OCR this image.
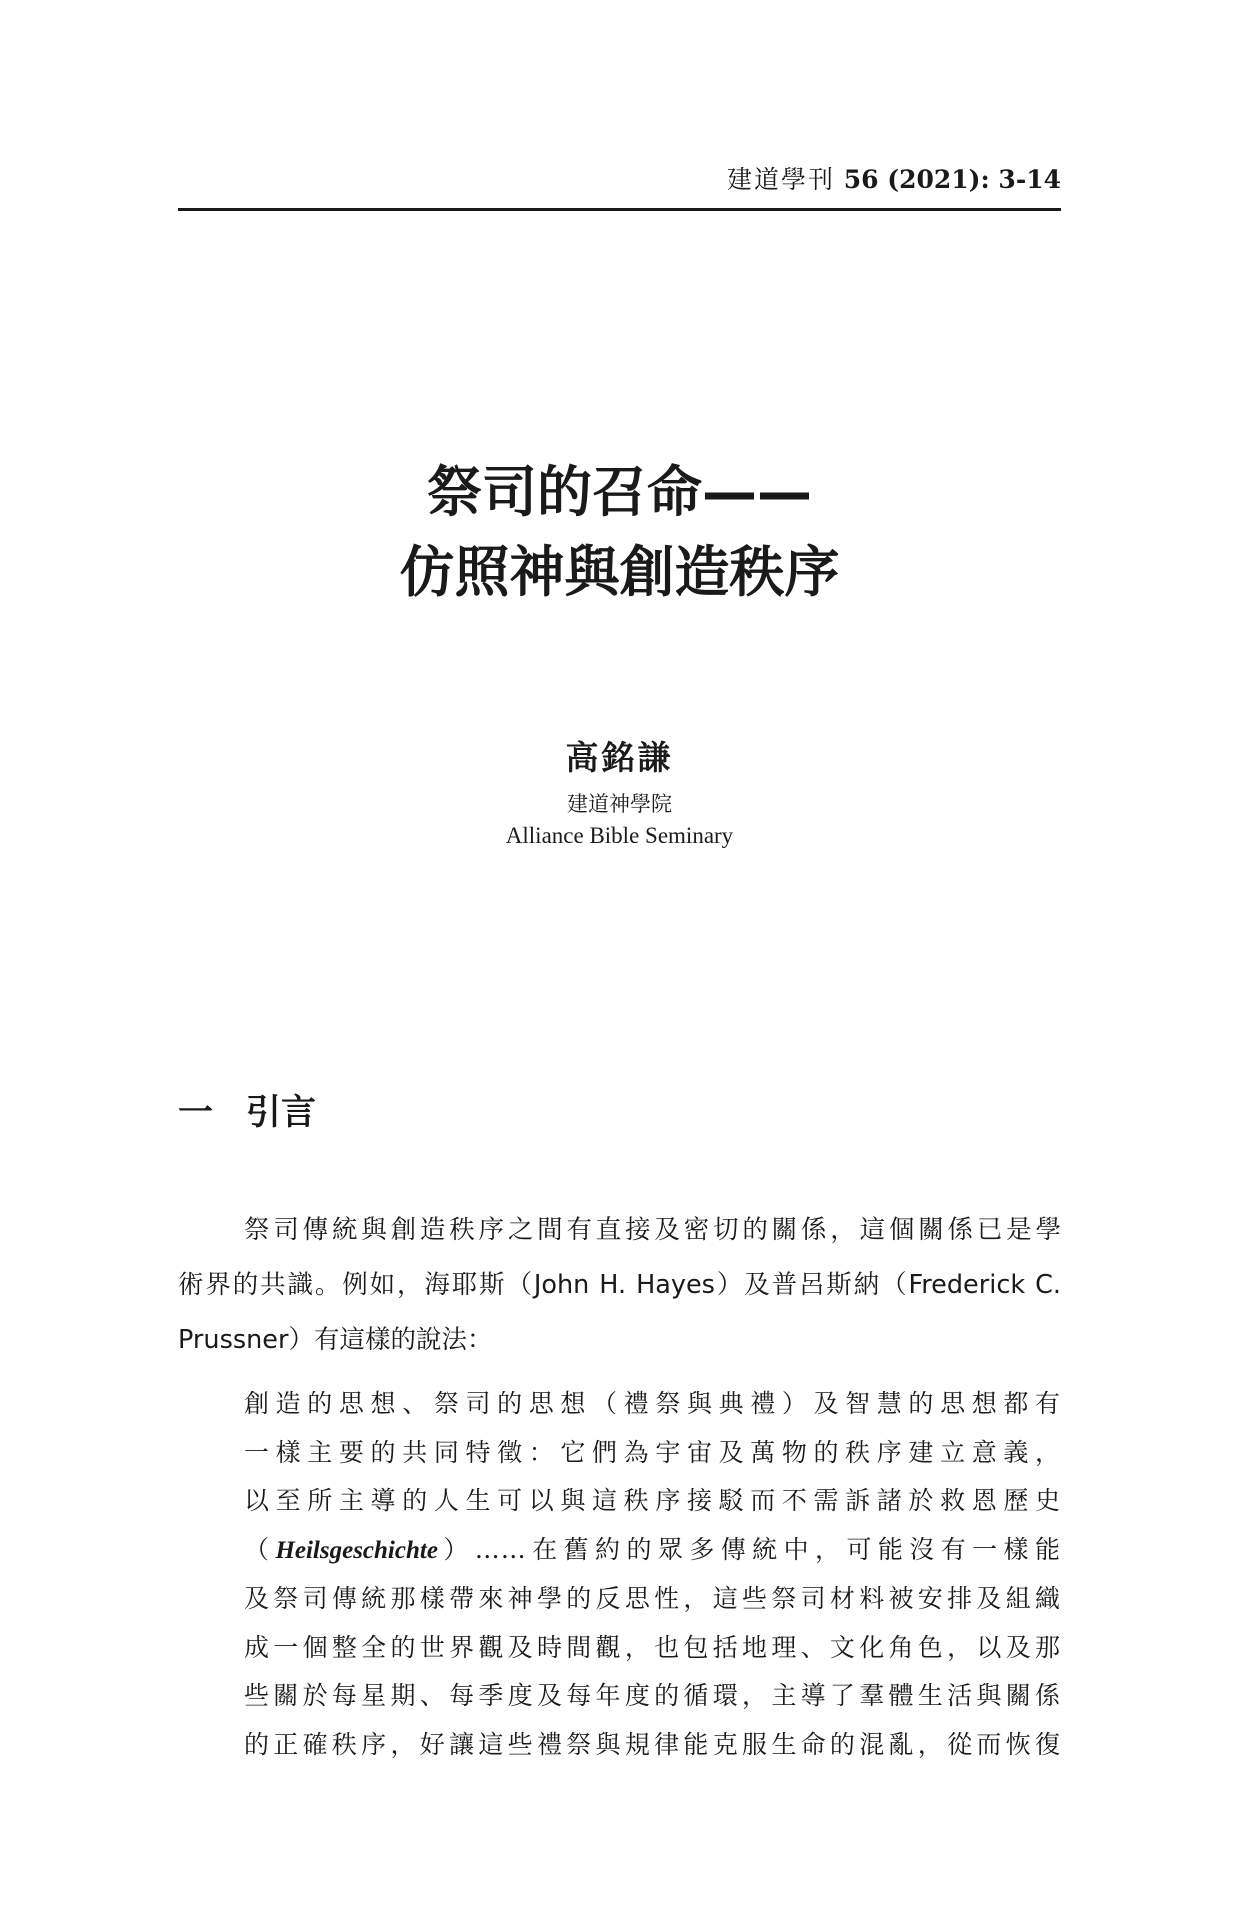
建道學刊 56 (2021): 3-14
祭司的召命——
仿照神與創造秩序
高銘謙
建道神學院
Alliance Bible Seminary
一 引言
祭司傳統與創造秩序之間有直接及密切的關係，這個關係已是學
術界的共識。例如，海耶斯（John H. Hayes）及普呂斯納（Frederick C.
Prussner）有這樣的說法：
創造的思想、祭司的思想（禮祭與典禮）及智慧的思想都有
一樣主要的共同特徵：它們為宇宙及萬物的秩序建立意義，
以至所主導的人生可以與這秩序接駁而不需訴諸於救恩歷史
（Heilsgeschichte）……在舊約的眾多傳統中，可能沒有一樣能
及祭司傳統那樣帶來神學的反思性，這些祭司材料被安排及組織
成一個整全的世界觀及時間觀，也包括地理、文化角色，以及那
些關於每星期、每季度及每年度的循環，主導了羣體生活與關係
的正確秩序，好讓這些禮祭與規律能克服生命的混亂，從而恢復
